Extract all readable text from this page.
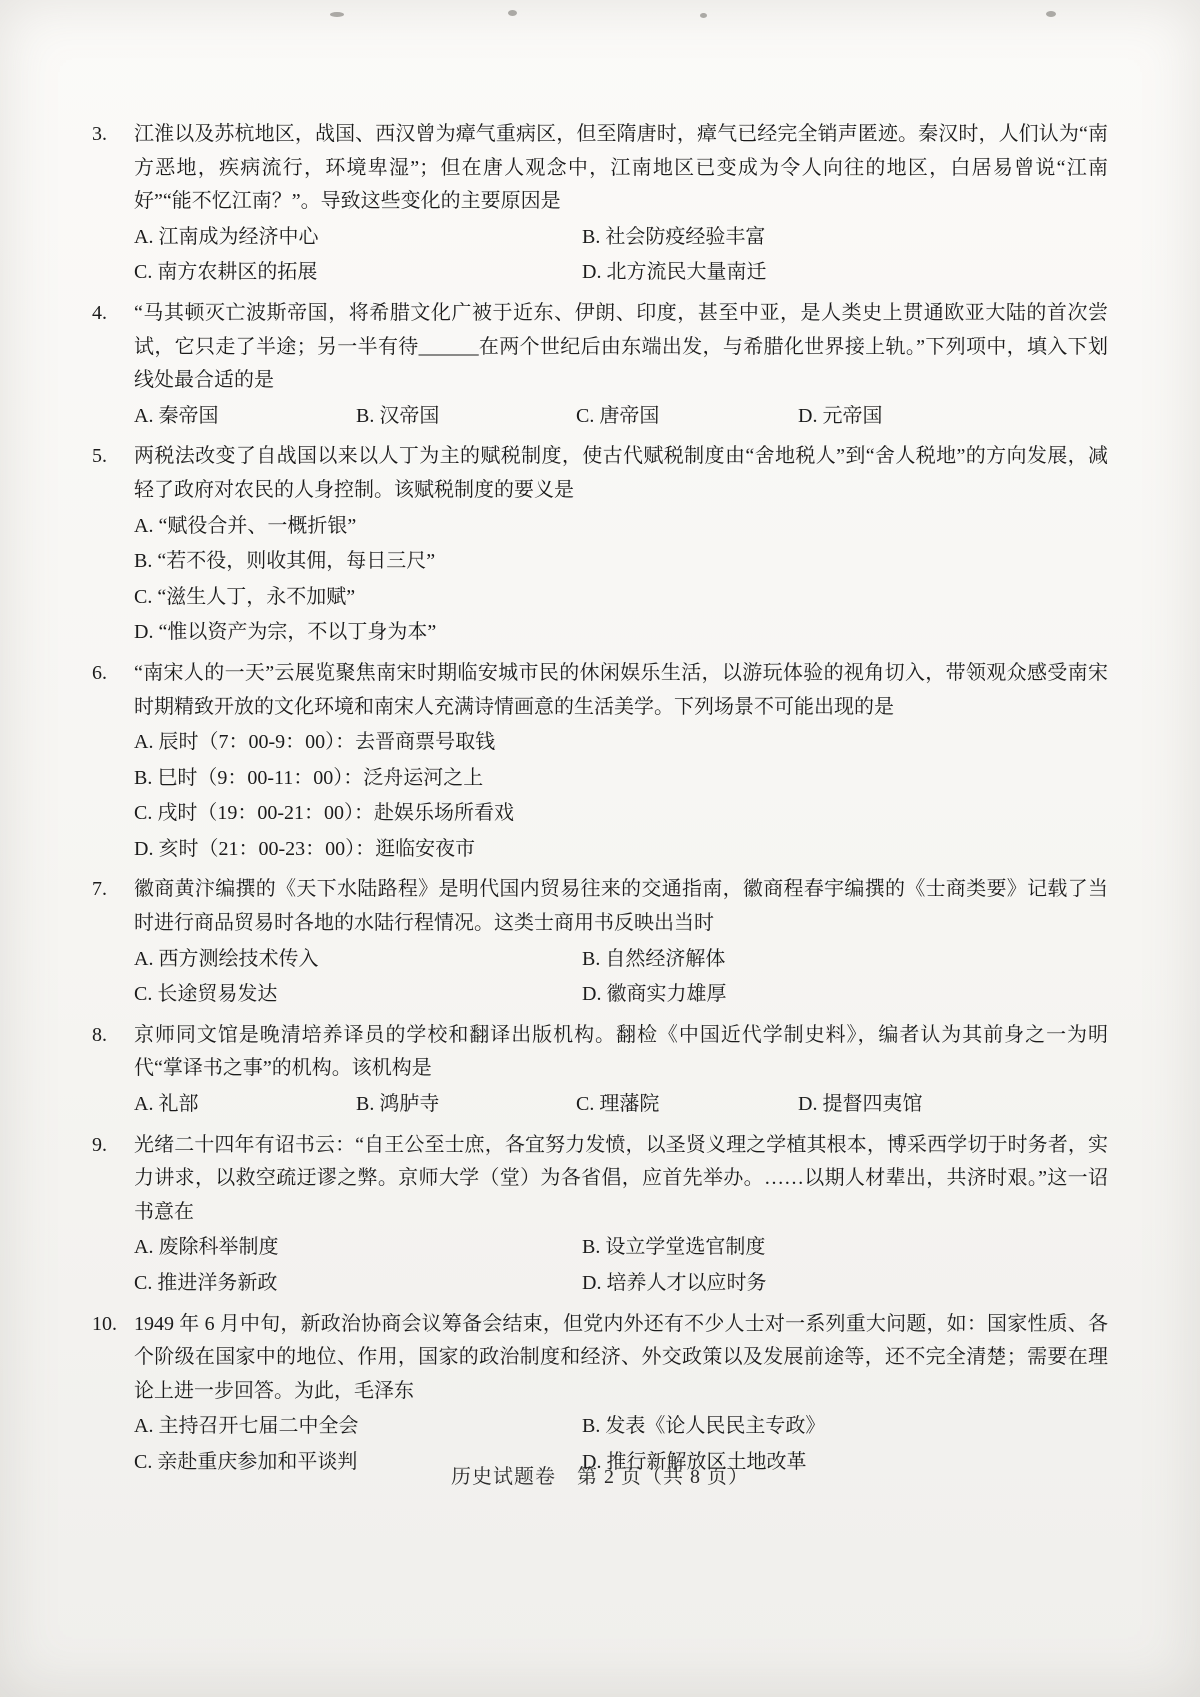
3.	江淮以及苏杭地区，战国、西汉曾为瘴气重病区，但至隋唐时，瘴气已经完全销声匿迹。秦汉时，人们认为“南方恶地，疾病流行，环境卑湿”；但在唐人观念中，江南地区已变成为令人向往的地区，白居易曾说“江南好”“能不忆江南？”。导致这些变化的主要原因是
A. 江南成为经济中心	B. 社会防疫经验丰富
C. 南方农耕区的拓展	D. 北方流民大量南迁
4.	“马其顿灭亡波斯帝国，将希腊文化广被于近东、伊朗、印度，甚至中亚，是人类史上贯通欧亚大陆的首次尝试，它只走了半途；另一半有待______在两个世纪后由东端出发，与希腊化世界接上轨。”下列项中，填入下划线处最合适的是
A. 秦帝国	B. 汉帝国	C. 唐帝国	D. 元帝国
5.	两税法改变了自战国以来以人丁为主的赋税制度，使古代赋税制度由“舍地税人”到“舍人税地”的方向发展，减轻了政府对农民的人身控制。该赋税制度的要义是
A. “赋役合并、一概折银”
B. “若不役，则收其佣，每日三尺”
C. “滋生人丁，永不加赋”
D. “惟以资产为宗，不以丁身为本”
6.	“南宋人的一天”云展览聚焦南宋时期临安城市民的休闲娱乐生活，以游玩体验的视角切入，带领观众感受南宋时期精致开放的文化环境和南宋人充满诗情画意的生活美学。下列场景不可能出现的是
A. 辰时（7：00-9：00）：去晋商票号取钱
B. 巳时（9：00-11：00）：泛舟运河之上
C. 戌时（19：00-21：00）：赴娱乐场所看戏
D. 亥时（21：00-23：00）：逛临安夜市
7.	徽商黄汴编撰的《天下水陆路程》是明代国内贸易往来的交通指南，徽商程春宇编撰的《士商类要》记载了当时进行商品贸易时各地的水陆行程情况。这类士商用书反映出当时
A. 西方测绘技术传入	B. 自然经济解体
C. 长途贸易发达	D. 徽商实力雄厚
8.	京师同文馆是晚清培养译员的学校和翻译出版机构。翻检《中国近代学制史料》，编者认为其前身之一为明代“掌译书之事”的机构。该机构是
A. 礼部	B. 鸿胪寺	C. 理藩院	D. 提督四夷馆
9.	光绪二十四年有诏书云：“自王公至士庶，各宜努力发愤，以圣贤义理之学植其根本，博采西学切于时务者，实力讲求，以救空疏迂谬之弊。京师大学（堂）为各省倡，应首先举办。……以期人材辈出，共济时艰。”这一诏书意在
A. 废除科举制度	B. 设立学堂选官制度
C. 推进洋务新政	D. 培养人才以应时务
10. 1949 年 6 月中旬，新政治协商会议筹备会结束，但党内外还有不少人士对一系列重大问题，如：国家性质、各个阶级在国家中的地位、作用，国家的政治制度和经济、外交政策以及发展前途等，还不完全清楚；需要在理论上进一步回答。为此，毛泽东
A. 主持召开七届二中全会	B. 发表《论人民民主专政》
C. 亲赴重庆参加和平谈判	D. 推行新解放区土地改革
历史试题卷　第 2 页（共 8 页）
